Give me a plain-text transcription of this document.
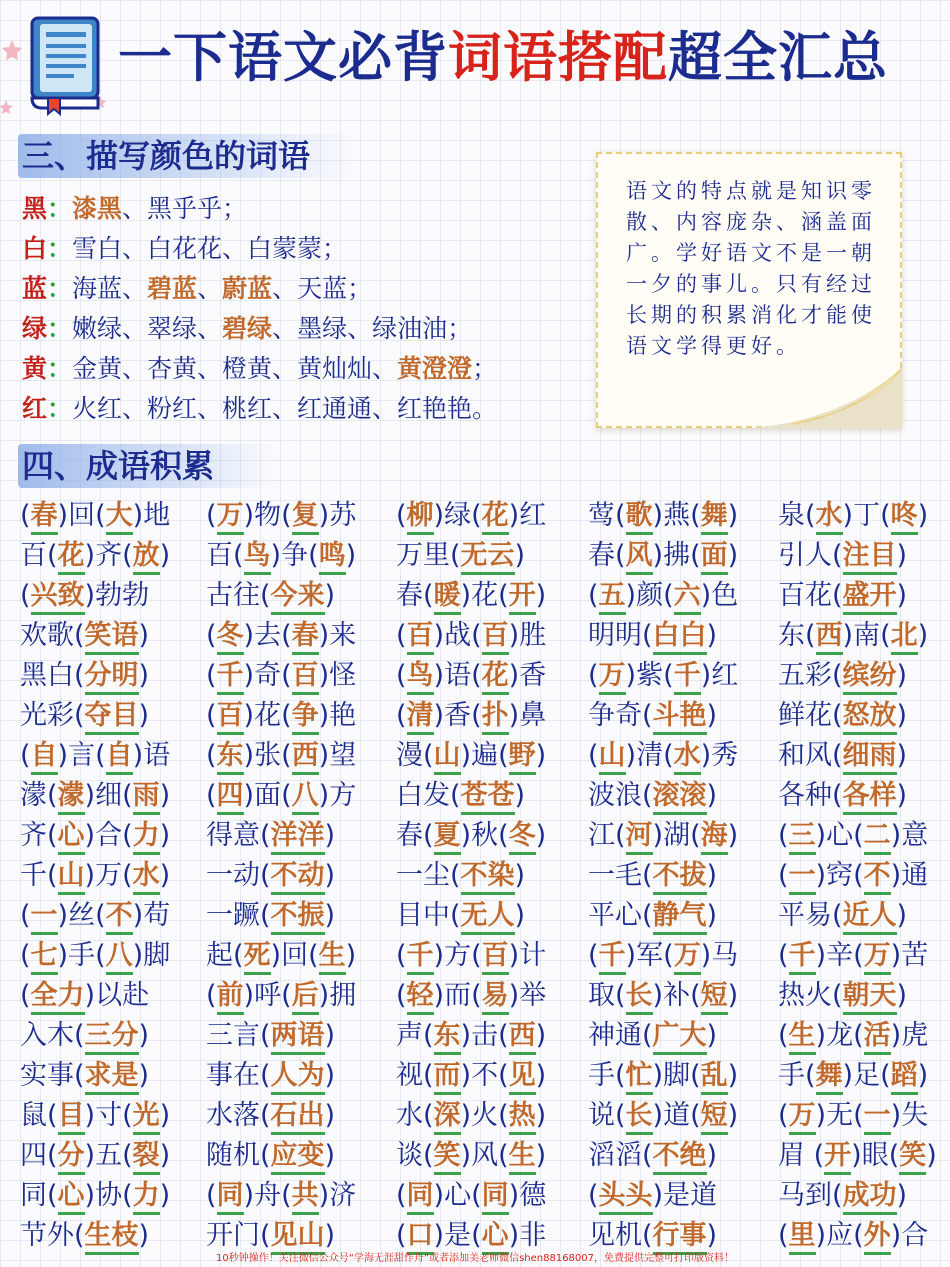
一下语文必背词语搭配超全汇总
三、描写颜色的词语
黑：漆黑、黑乎乎；
白：雪白、白花花、白蒙蒙；
蓝：海蓝、碧蓝、蔚蓝、天蓝；
绿：嫩绿、翠绿、碧绿、墨绿、绿油油；
黄：金黄、杏黄、橙黄、黄灿灿、黄澄澄；
红：火红、粉红、桃红、红通通、红艳艳。
语文的特点就是知识零散、内容庞杂、涵盖面广。学好语文不是一朝一夕的事儿。只有经过长期的积累消化才能使语文学得更好。
四、成语积累
(春)回(大)地
百(花)齐(放)
(兴致)勃勃
欢歌(笑语)
黑白(分明)
光彩(夺目)
(自)言(自)语
濛(濛)细(雨)
齐(心)合(力)
千(山)万(水)
(一)丝(不)苟
(七)手(八)脚
(全力)以赴
入木(三分)
实事(求是)
鼠(目)寸(光)
四(分)五(裂)
同(心)协(力)
节外(生枝)
(万)物(复)苏
百(鸟)争(鸣)
古往(今来)
(冬)去(春)来
(千)奇(百)怪
(百)花(争)艳
(东)张(西)望
(四)面(八)方
得意(洋洋)
一动(不动)
一蹶(不振)
起(死)回(生)
(前)呼(后)拥
三言(两语)
事在(人为)
水落(石出)
随机(应变)
(同)舟(共)济
开门(见山)
(柳)绿(花)红
万里(无云)
春(暖)花(开)
(百)战(百)胜
(鸟)语(花)香
(清)香(扑)鼻
漫(山)遍(野)
白发(苍苍)
春(夏)秋(冬)
一尘(不染)
目中(无人)
(千)方(百)计
(轻)而(易)举
声(东)击(西)
视(而)不(见)
水(深)火(热)
谈(笑)风(生)
(同)心(同)德
(口)是(心)非
莺(歌)燕(舞)
春(风)拂(面)
(五)颜(六)色
明明(白白)
(万)紫(千)红
争奇(斗艳)
(山)清(水)秀
波浪(滚滚)
江(河)湖(海)
一毛(不拔)
平心(静气)
(千)军(万)马
取(长)补(短)
神通(广大)
手(忙)脚(乱)
说(长)道(短)
滔滔(不绝)
(头头)是道
见机(行事)
泉(水)丁(咚)
引人(注目)
百花(盛开)
东(西)南(北)
五彩(缤纷)
鲜花(怒放)
和风(细雨)
各种(各样)
(三)心(二)意
(一)窍(不)通
平易(近人)
(千)辛(万)苦
热火(朝天)
(生)龙(活)虎
手(舞)足(蹈)
(万)无(一)失
眉 (开)眼(笑)
马到(成功)
(里)应(外)合
10秒钟操作！关注微信公众号“学海无涯甜作舟”或者添加美老师微信shen88168007，免费提供完整可打印版资料！
